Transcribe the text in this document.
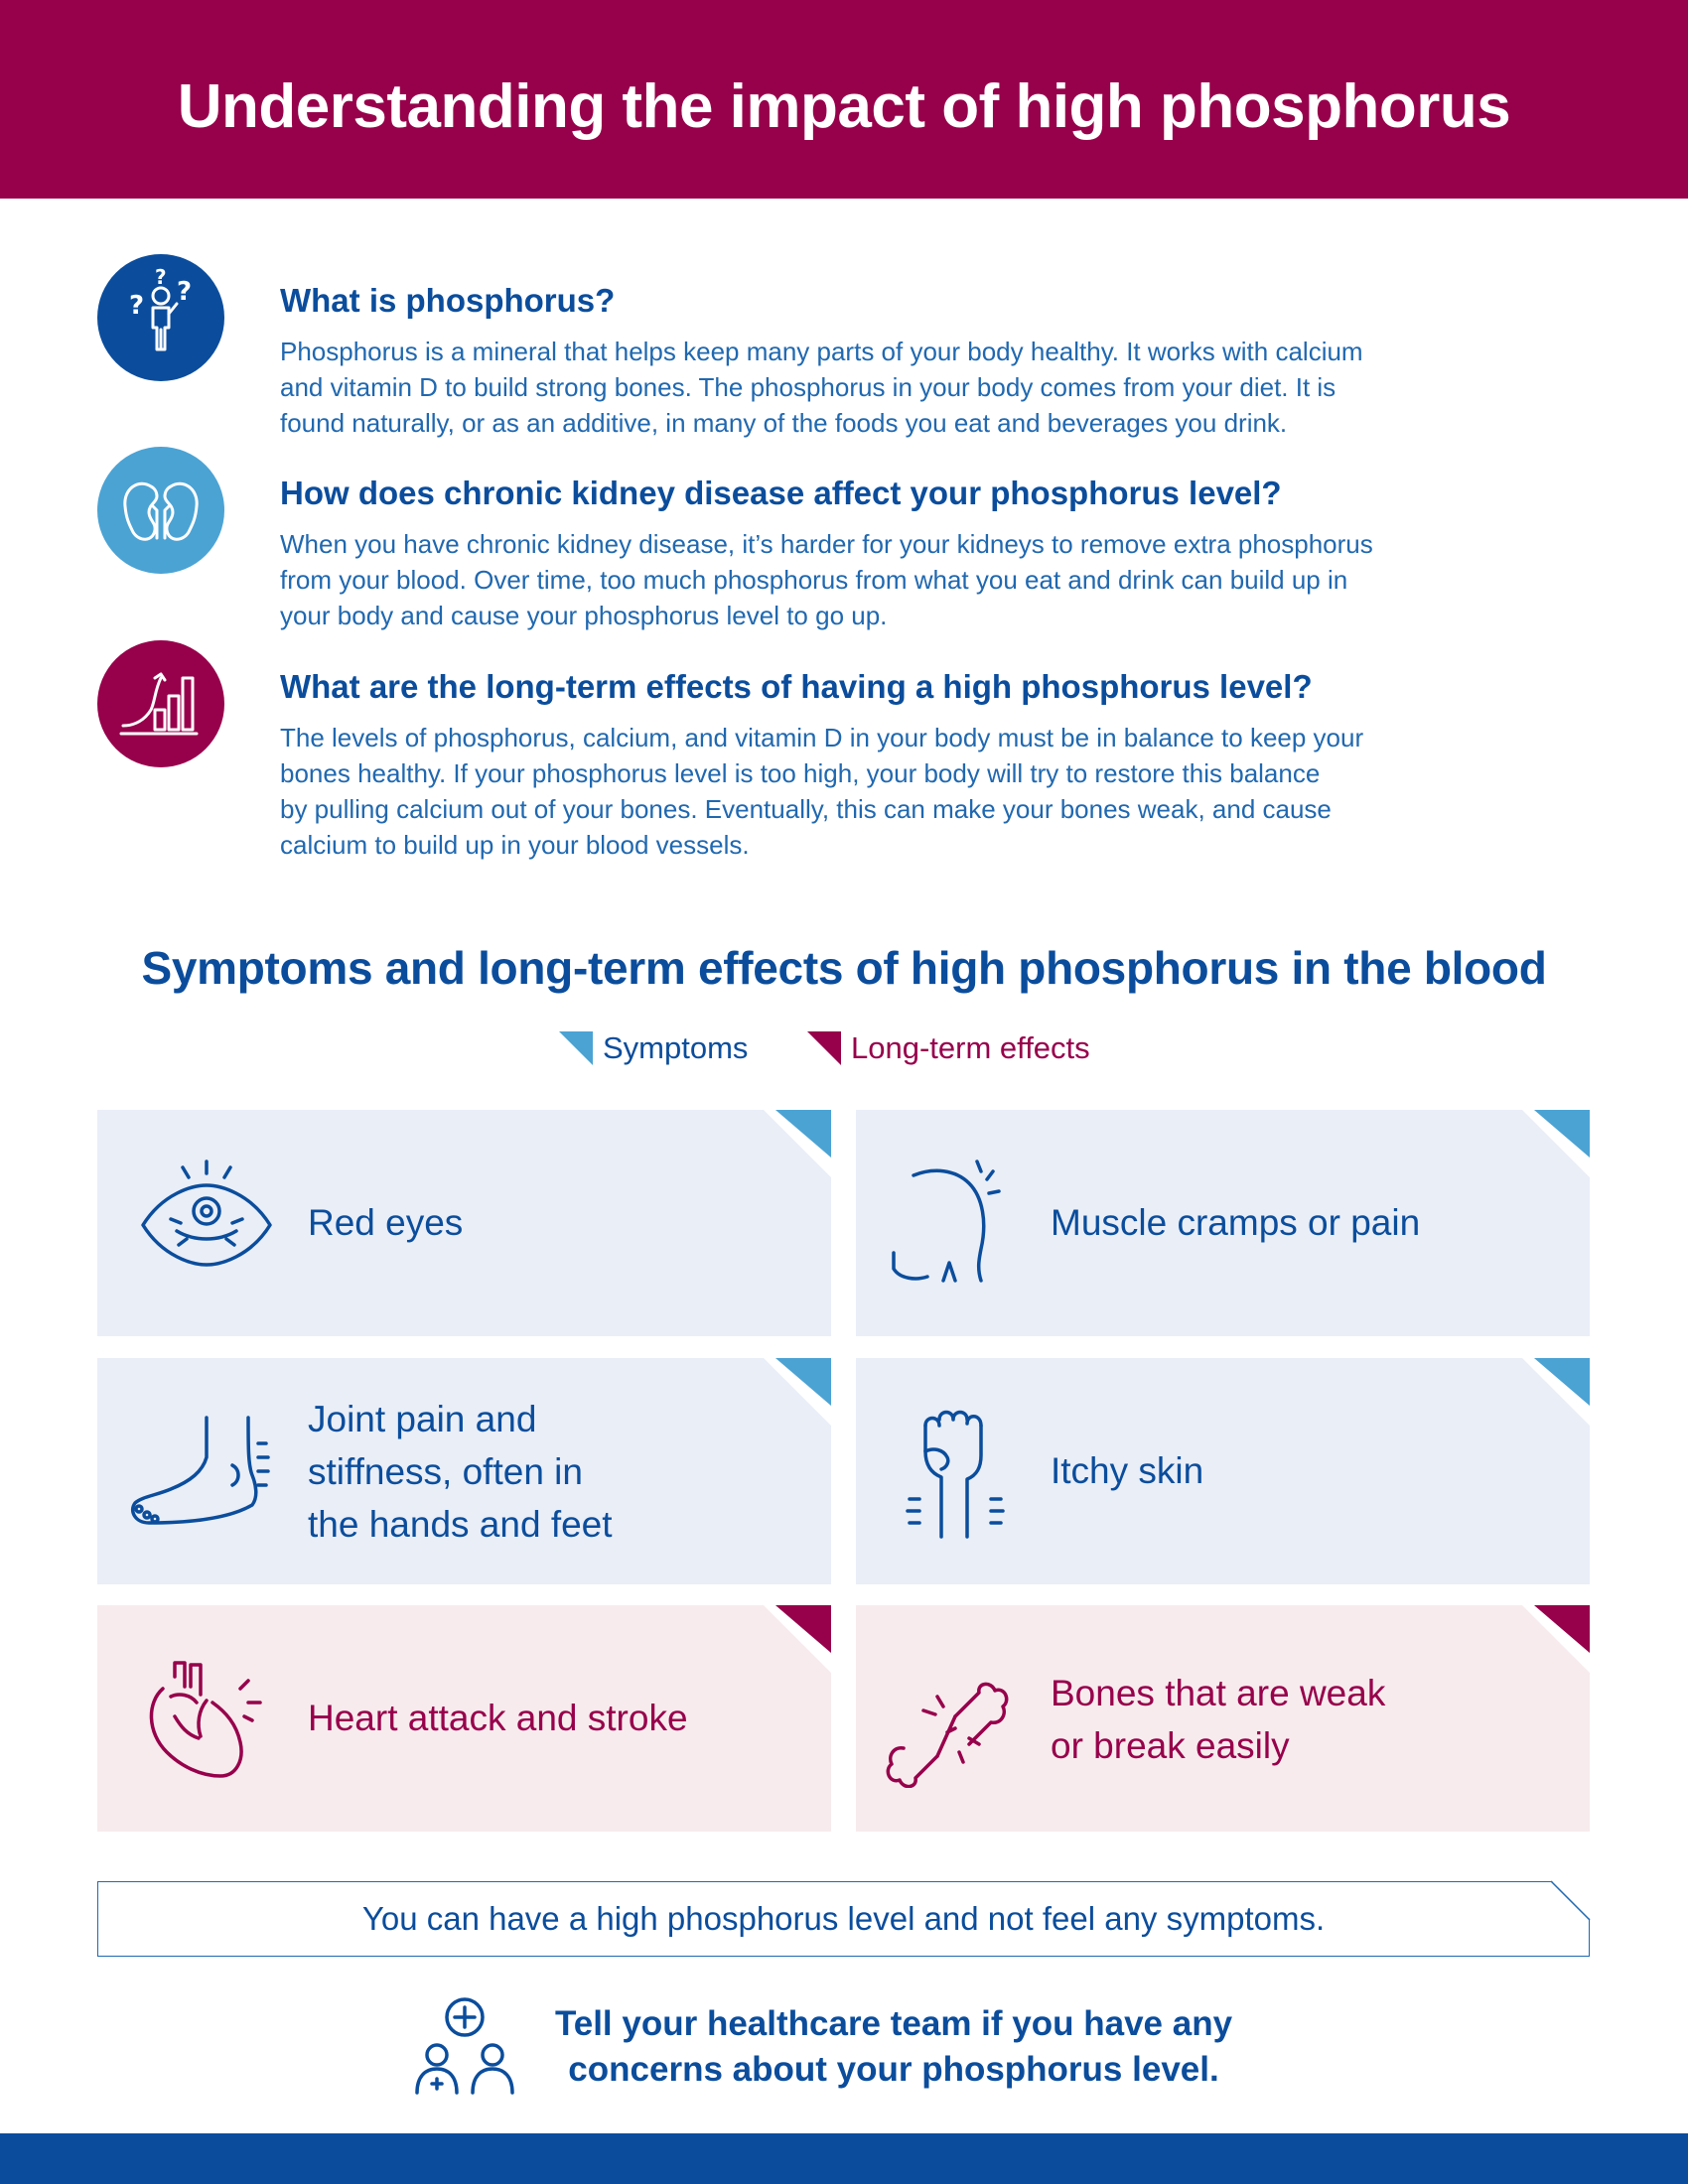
Understanding the impact of high phosphorus
? ?
?
What is phosphorus?

Phosphorus is a mineral that helps keep many parts of your body healthy. It works with calcium
and vitamin D to build strong bones. The phosphorus in your body comes from your diet. It is
found naturally, or as an additive, in many of the foods you eat and beverages you drink.

How does chronic kidney disease affect your phosphorus level?

When you have chronic kidney disease, it’s harder for your kidneys to remove extra phosphorus
from your blood. Over time, too much phosphorus from what you eat and drink can build up in
your body and cause your phosphorus level to go up.

What are the long-term effects of having a high phosphorus level?

The levels of phosphorus, calcium, and vitamin D in your body must be in balance to keep your
bones healthy. If your phosphorus level is too high, your body will try to restore this balance
by pulling calcium out of your bones. Eventually, this can make your bones weak, and cause
calcium to build up in your blood vessels.

Symptoms and long-term effects of high phosphorus in the blood
Symptoms	Long-term effects
Red eyes	Muscle cramps or pain
Joint pain and
stiffness, often in
the hands and feet
Itchy skin
Heart attack and stroke
Bones that are weak
or break easily

You can have a high phosphorus level and not feel any symptoms.

Tell your healthcare team if you have any
concerns about your phosphorus level.
